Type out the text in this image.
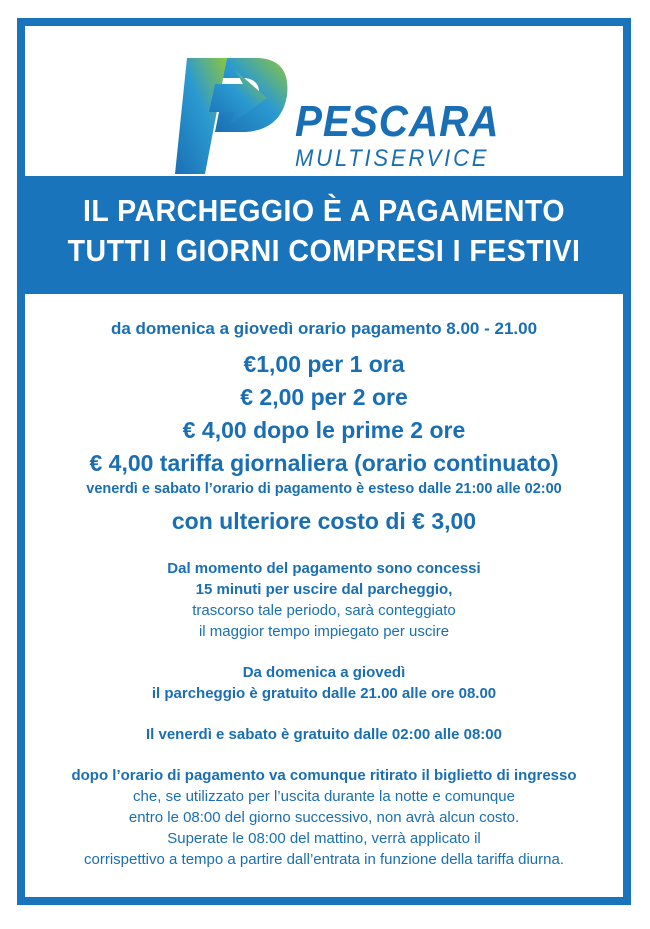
PESCARA
MULTISERVICE
IL PARCHEGGIO È A PAGAMENTO
TUTTI I GIORNI COMPRESI I FESTIVI
da domenica a giovedì orario pagamento 8.00 - 21.00
€1,00 per 1 ora
€ 2,00 per 2 ore
€ 4,00 dopo le prime 2 ore
€ 4,00 tariffa giornaliera (orario continuato)
venerdì e sabato l’orario di pagamento è esteso dalle 21:00 alle 02:00
con ulteriore costo di € 3,00
Dal momento del pagamento sono concessi
15 minuti per uscire dal parcheggio,
trascorso tale periodo, sarà conteggiato
il maggior tempo impiegato per uscire
Da domenica a giovedì
il parcheggio è gratuito dalle 21.00 alle ore 08.00
Il venerdì e sabato è gratuito dalle 02:00 alle 08:00
dopo l’orario di pagamento va comunque ritirato il biglietto di ingresso
che, se utilizzato per l’uscita durante la notte e comunque
entro le 08:00 del giorno successivo, non avrà alcun costo.
Superate le 08:00 del mattino, verrà applicato il
corrispettivo a tempo a partire dall’entrata in funzione della tariffa diurna.
